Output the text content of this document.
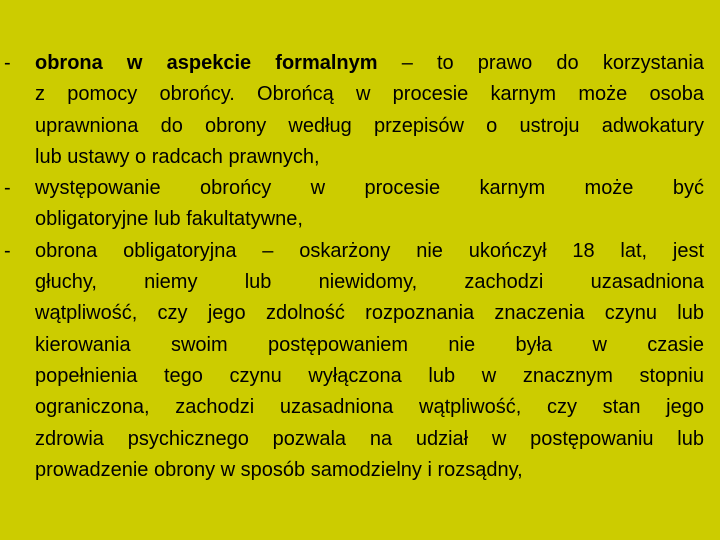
- obrona w aspekcie formalnym – to prawo do korzystania
z pomocy obrońcy. Obrońcą w procesie karnym może osoba
uprawniona do obrony według przepisów o ustroju adwokatury
lub ustawy o radcach prawnych,
- występowanie obrońcy w procesie karnym może być
obligatoryjne lub fakultatywne,
- obrona obligatoryjna – oskarżony nie ukończył 18 lat, jest
głuchy, niemy lub niewidomy, zachodzi uzasadniona
wątpliwość, czy jego zdolność rozpoznania znaczenia czynu lub
kierowania swoim postępowaniem nie była w czasie
popełnienia tego czynu wyłączona lub w znacznym stopniu
ograniczona, zachodzi uzasadniona wątpliwość, czy stan jego
zdrowia psychicznego pozwala na udział w postępowaniu lub
prowadzenie obrony w sposób samodzielny i rozsądny,
